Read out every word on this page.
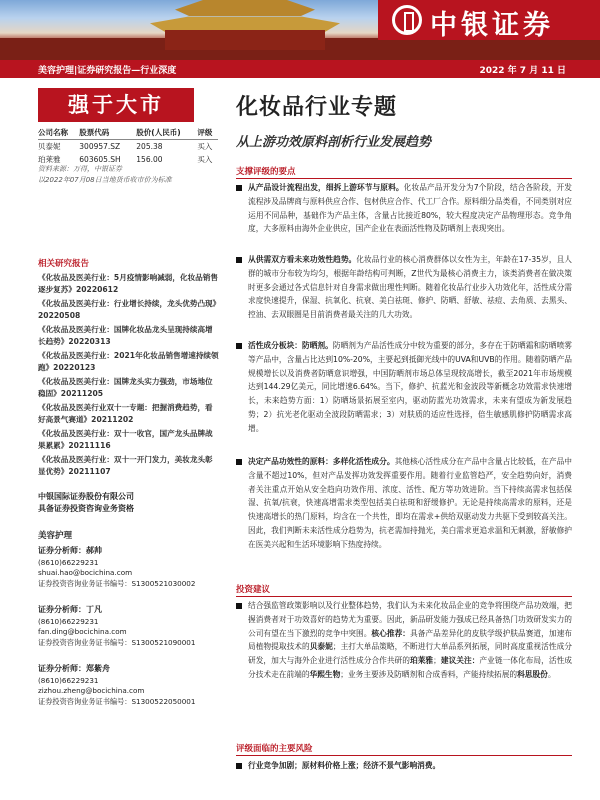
中银证券
美容护理|证券研究报告—行业深度	2022 年 7 月 11 日
强于大市
公司名称	股票代码	股价(人民币)	评级
贝泰妮	300957.SZ	205.38	买入
珀莱雅	603605.SH	156.00	买入
资料来源：万得，中银证券
以2022年07月08日当地货币收市价为标准
相关研究报告
《化妆品及医美行业：5月疫情影响减弱，化妆品销售逐步复苏》20220612
《化妆品及医美行业：行业增长持续，龙头优势凸现》20220508
《化妆品及医美行业：国牌化妆品龙头呈现持续高增长趋势》20220313
《化妆品及医美行业：2021年化妆品销售增速持续领跑》20220123
《化妆品及医美行业：国牌龙头实力强劲，市场地位稳固》20211205
《化妆品及医美行业双十一专题：把握消费趋势，看好高景气赛道》20211202
《化妆品及医美行业：双十一收官，国产龙头品牌战果累累》20211116
《化妆品及医美行业：双十一开门发力，美妆龙头彰显优势》20211107
中银国际证券股份有限公司
具备证券投资咨询业务资格
美容护理
证券分析师：郝帅
(8610)66229231
shuai.hao@bocichina.com
证券投资咨询业务证书编号：S1300521030002
证券分析师：丁凡
(8610)66229231
fan.ding@bocichina.com
证券投资咨询业务证书编号：S1300521090001
证券分析师：郑紫舟
(8610)66229231
zizhou.zheng@bocichina.com
证券投资咨询业务证书编号：S1300522050001
化妆品行业专题
从上游功效原料剖析行业发展趋势
支撑评级的要点
从产品设计流程出发，细拆上游环节与原料。化妆品产品开发分为7个阶段，结合各阶段，开发流程涉及品牌商与原料供应合作、包材供应合作、代工厂合作。原料细分品类看，不同类别对应运用不同品种，基础作为产品主体，含量占比接近80%，较大程度决定产品物理形态。竞争角度，大多原料由海外企业供应，国产企业在表面活性物及防晒剂上表现突出。
从供需双方看未来功效性趋势。化妆品行业的核心消费群体以女性为主，年龄在17-35岁，且人群的城市分布较为均匀，根据年龄结构可判断，Z世代为最核心消费主力，该类消费者在做决策时更多会通过各式信息针对自身需求做出理性判断。随着化妆品行业步入功效化年，活性成分需求度快速提升，保湿、抗氧化、抗衰、美白祛斑、修护、防晒、舒敏、祛痘、去角质、去黑头、控油、去双眼圈是目前消费者最关注的几大功效。
活性成分板块：防晒剂。防晒剂为产品活性成分中较为重要的部分，多存在于防晒霜和防晒喷雾等产品中，含量占比达到10%-20%，主要起到抵御光线中的UVA和UVB的作用。随着防晒产品规模增长以及消费者防晒意识增强，中国防晒剂市场总体呈现较高增长，截至2021年市场规模达到144.29亿美元，同比增速6.64%。当下，修护、抗蓝光和金波段等新概念功效需求快速增长，未来趋势方面：1）防晒场景拓展至室内，驱动防蓝光功效需求，未来有望成为新发展趋势；2）抗光老化驱动全波段防晒需求；3）对肤质的适应性选择，倍生敏感肌修护防晒需求高增。
决定产品功效性的原料：多样化活性成分。其他核心活性成分在产品中含量占比较低，在产品中含量不超过10%，但对产品发挥功效发挥重要作用。随着行业监管趋严，安全趋势向好，消费者关注重点开始从安全趋向功效作用、浓度、活性、配方等功效进阶。当下持续高需求包括保湿、抗氧/抗衰，快速高增需求类型包括美白祛斑和舒缓修护。无论是持续高需求的原料，还是快速高增长的热门原料，均含在一个共性，即均在需求+供给双驱动发力共驱下受到较高关注。因此，我们判断未来活性成分趋势为，抗老需加持抛光，美白需求更追求温和无刺激，舒敏修护在医美兴起和生活环境影响下热度持续。
投资建议
结合强监管政策影响以及行业整体趋势，我们认为未来化妆品企业的竞争将围绕产品功效端，把握消费者对于功效喜好的趋势尤为重要。因此，新品研发能力强成已经具备热门功效研发实力的公司有望在当下激烈的竞争中突围。核心推荐：具备产品差异化的皮肤学级护肤品赛道，加速布局植物提取技术的贝泰妮；主打大单品策略，不断进行大单品系列拓展，同时高度重视活性成分研发，加大与海外企业进行活性成分合作共研的珀莱雅；建议关注：产业链一体化布局，活性成分技术走在前端的华熙生物；业务主要涉及防晒剂和合成香料，产能持续拓展的科思股份。
评级面临的主要风险
行业竞争加剧；原材料价格上涨；经济不景气影响消费。
